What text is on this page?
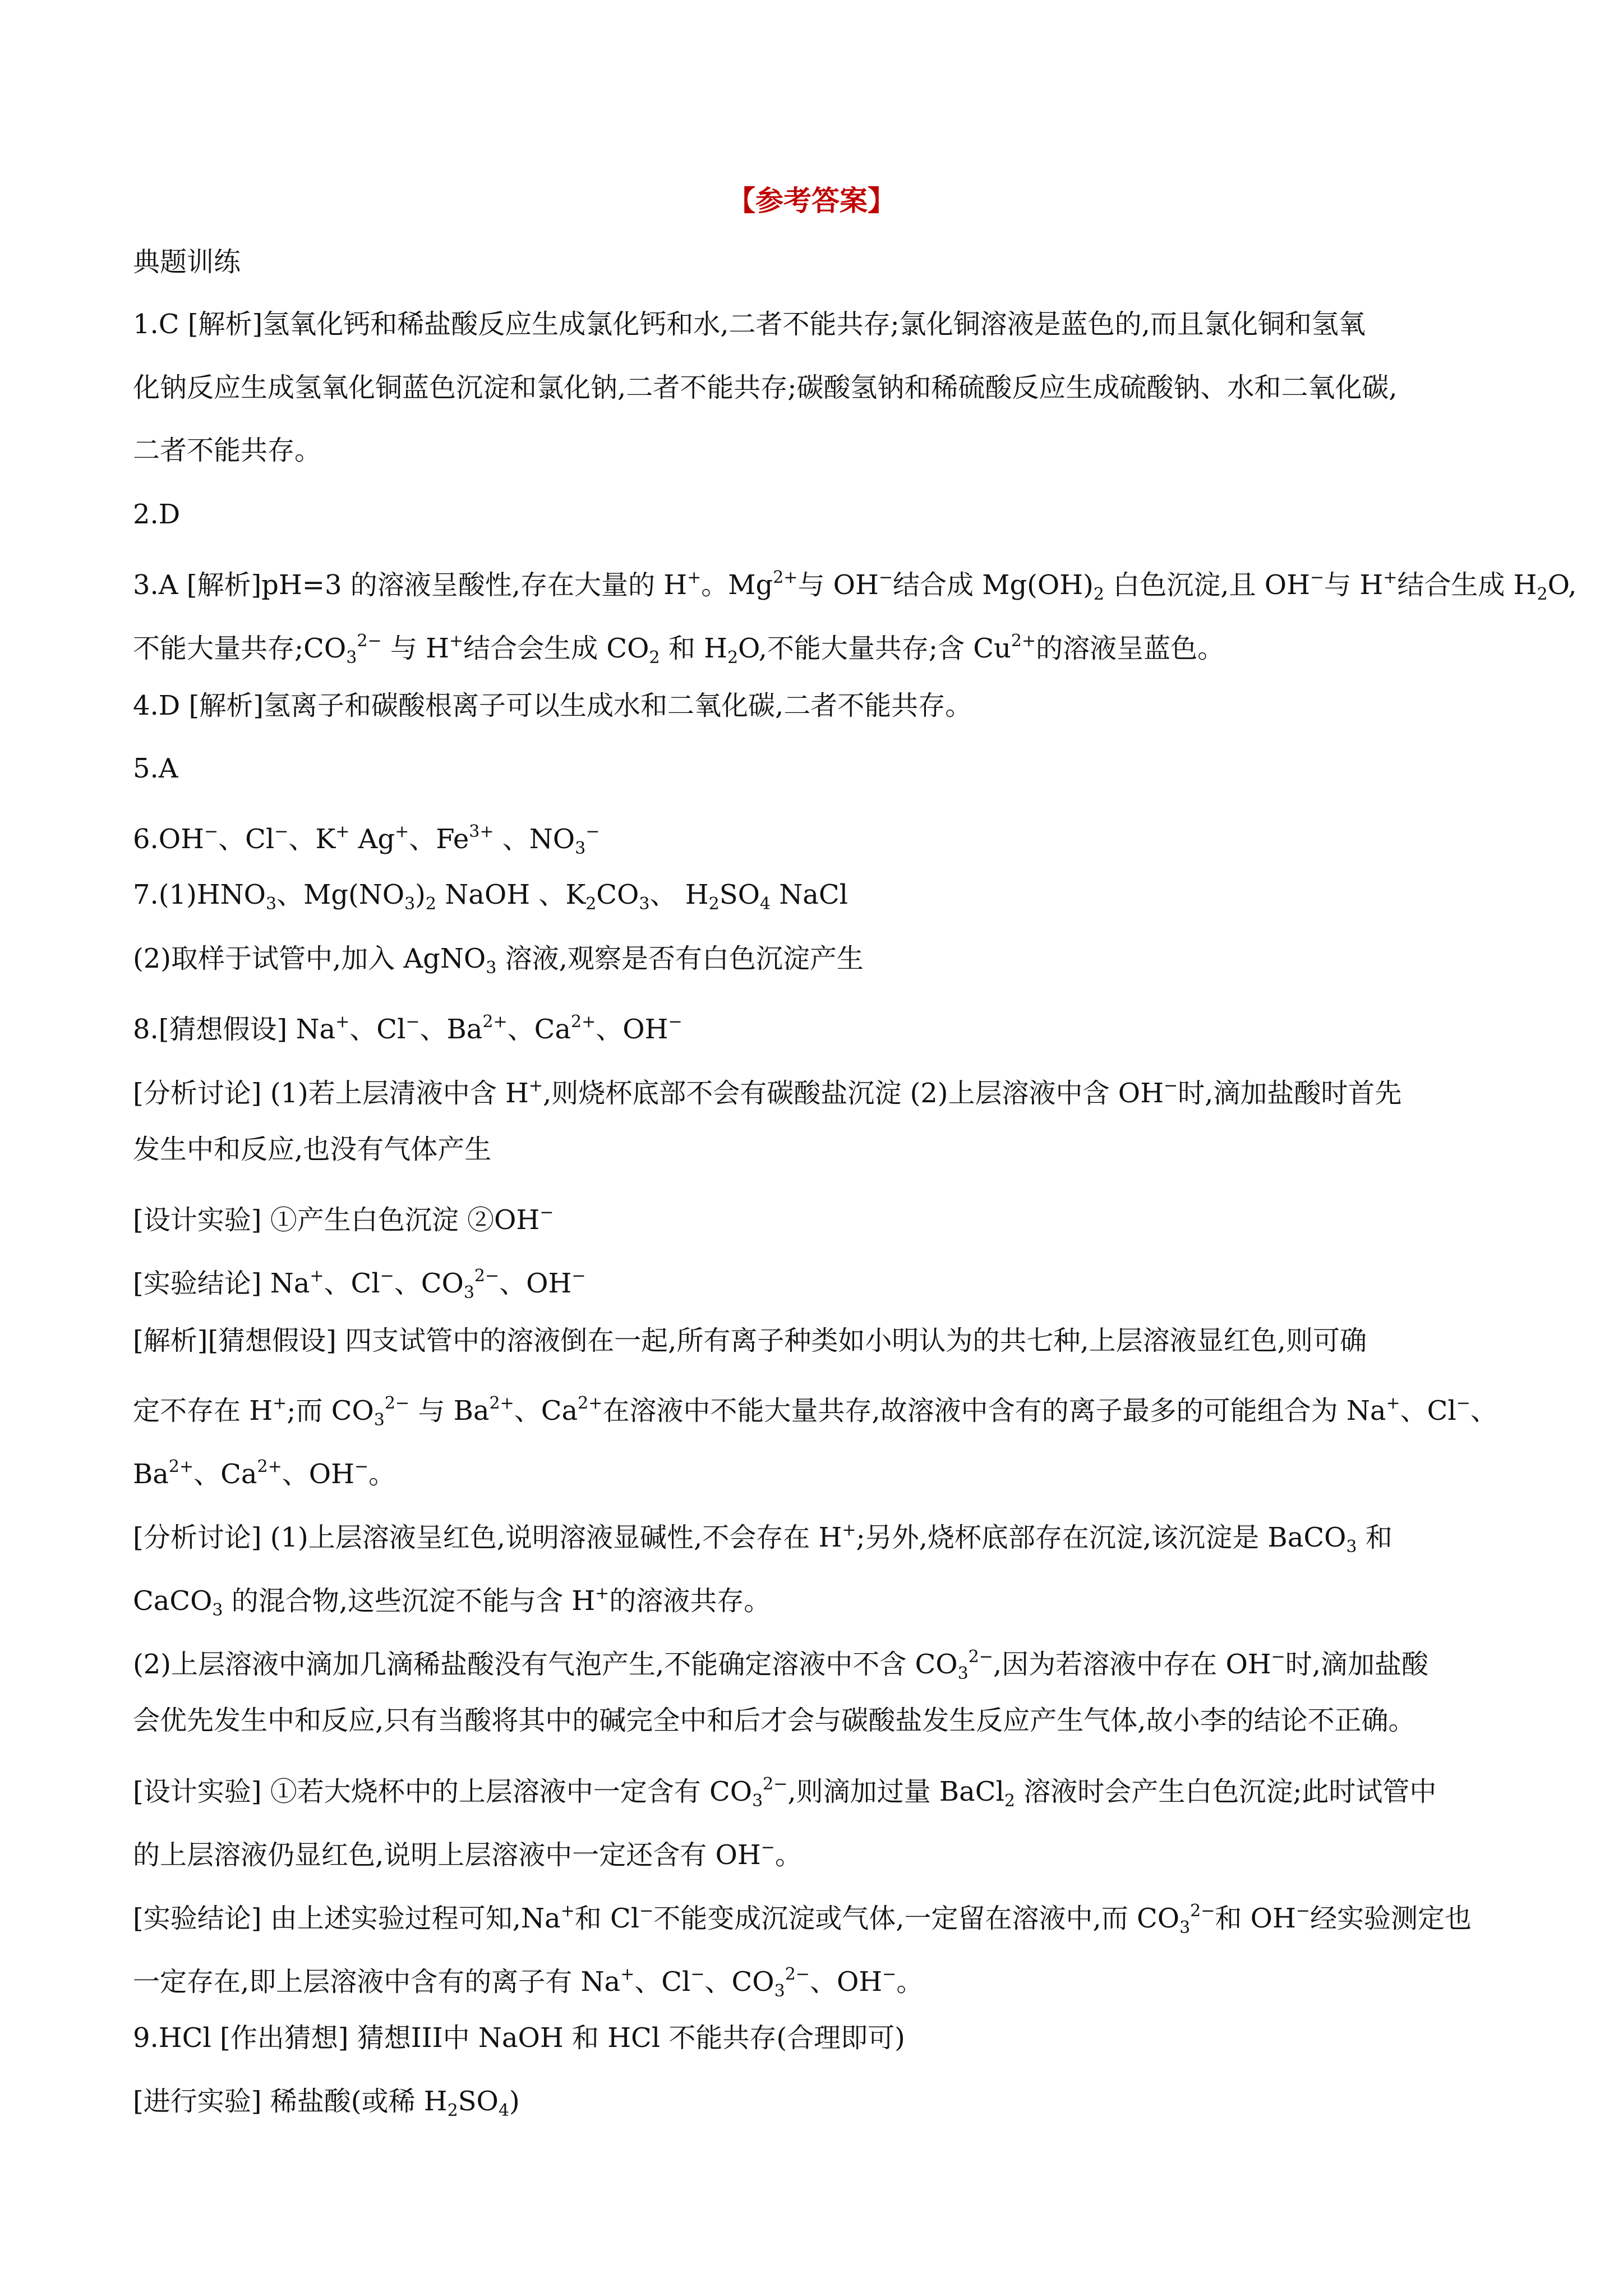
【参考答案】
典题训练
1.C [解析]氢氧化钙和稀盐酸反应生成氯化钙和水,二者不能共存;氯化铜溶液是蓝色的,而且氯化铜和氢氧
化钠反应生成氢氧化铜蓝色沉淀和氯化钠,二者不能共存;碳酸氢钠和稀硫酸反应生成硫酸钠、水和二氧化碳,
二者不能共存。
2.D
3.A [解析]pH=3 的溶液呈酸性,存在大量的 H+。$Mg^{2+}$与 OH−结合成 $Mg(OH)_2$ 白色沉淀,且 OH−与 H+结合生成 $H_2O$,
不能大量共存$;CO_3^{2-}$ 与 H+结合会生成 $CO_2$ 和 $H_2O$,不能大量共存;含 $Cu^{2+}$的溶液呈蓝色。
4.D [解析]氢离子和碳酸根离子可以生成水和二氧化碳,二者不能共存。
5.A
6.OH−、Cl−、K+ Ag+、$Fe^{3+}$ 、$NO_3^-$
$7.(1)HNO_3$、$Mg(NO_3)_2$ NaOH 、$K_2CO_3$、 $H_2SO_4$ NaCl
(2)取样于试管中,加入 AgNO$_3$ 溶液,观察是否有白色沉淀产生
8.[猜想假设] Na+、Cl−、$Ba^{2+}$、$Ca^{2+}$、OH−
[分析讨论] (1)若上层清液中含 H+,则烧杯底部不会有碳酸盐沉淀 (2)上层溶液中含 OH−时,滴加盐酸时首先
发生中和反应,也没有气体产生
[设计实验] ①产生白色沉淀 ②OH−
[实验结论] Na+、Cl−、$CO_3^{2-}$、OH−
[解析][猜想假设] 四支试管中的溶液倒在一起,所有离子种类如小明认为的共七种,上层溶液显红色,则可确
定不存在 H+;而 $CO_3^{2-}$ 与 $Ba^{2+}$、$Ca^{2+}$在溶液中不能大量共存,故溶液中含有的离子最多的可能组合为 Na+、Cl−、
$Ba^{2+}$、$Ca^{2+}$、OH−。
[分析讨论] (1)上层溶液呈红色,说明溶液显碱性,不会存在 H+;另外,烧杯底部存在沉淀,该沉淀是 BaCO$_3$ 和
CaCO$_3$ 的混合物,这些沉淀不能与含 H+的溶液共存。
(2)上层溶液中滴加几滴稀盐酸没有气泡产生,不能确定溶液中不含 $CO_3^{2-}$,因为若溶液中存在 OH−时,滴加盐酸
会优先发生中和反应,只有当酸将其中的碱完全中和后才会与碳酸盐发生反应产生气体,故小李的结论不正确。
[设计实验] ①若大烧杯中的上层溶液中一定含有 $CO_3^{2-}$,则滴加过量 BaCl$_2$ 溶液时会产生白色沉淀;此时试管中
的上层溶液仍显红色,说明上层溶液中一定还含有 OH−。
[实验结论] 由上述实验过程可知,Na+和 Cl−不能变成沉淀或气体,一定留在溶液中,而 $CO_3^{2-}$和 OH−经实验测定也
一定存在,即上层溶液中含有的离子有 Na+、Cl−、$CO_3^{2-}$、OH−。
9.HCl [作出猜想] 猜想III中 NaOH 和 HCl 不能共存(合理即可)
[进行实验] 稀盐酸(或稀 $H_2SO_4$)
